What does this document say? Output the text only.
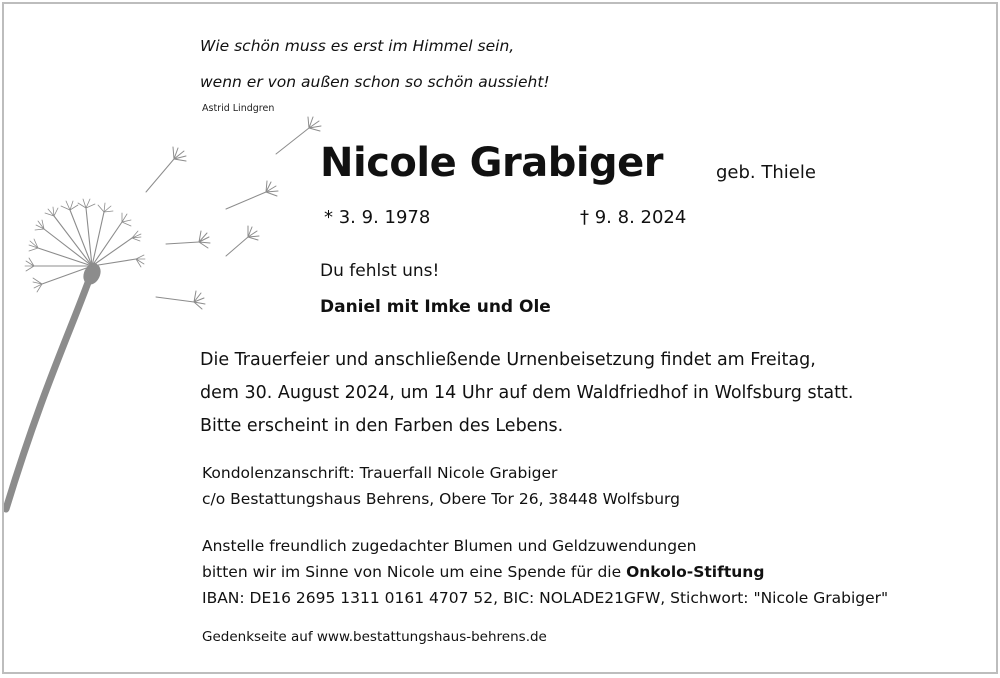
Wie schön muss es erst im Himmel sein,

wenn er von außen schon so schön aussieht!

Astrid Lindgren

Nicole Grabiger	geb. Thiele

* 3. 9. 1978	† 9. 8. 2024

Du fehlst uns!

Daniel mit Imke und Ole

Die Trauerfeier und anschließende Urnenbeisetzung findet am Freitag,
dem 30. August 2024, um 14 Uhr auf dem Waldfriedhof in Wolfsburg statt.
Bitte erscheint in den Farben des Lebens.
Kondolenzanschrift: Trauerfall Nicole Grabiger
c/o Bestattungshaus Behrens, Obere Tor 26, 38448 Wolfsburg
Anstelle freundlich zugedachter Blumen und Geldzuwendungen
bitten wir im Sinne von Nicole um eine Spende für die Onkolo-Stiftung
IBAN: DE16 2695 1311 0161 4707 52, BIC: NOLADE21GFW, Stichwort: "Nicole Grabiger"

Gedenkseite auf www.bestattungshaus-behrens.de
